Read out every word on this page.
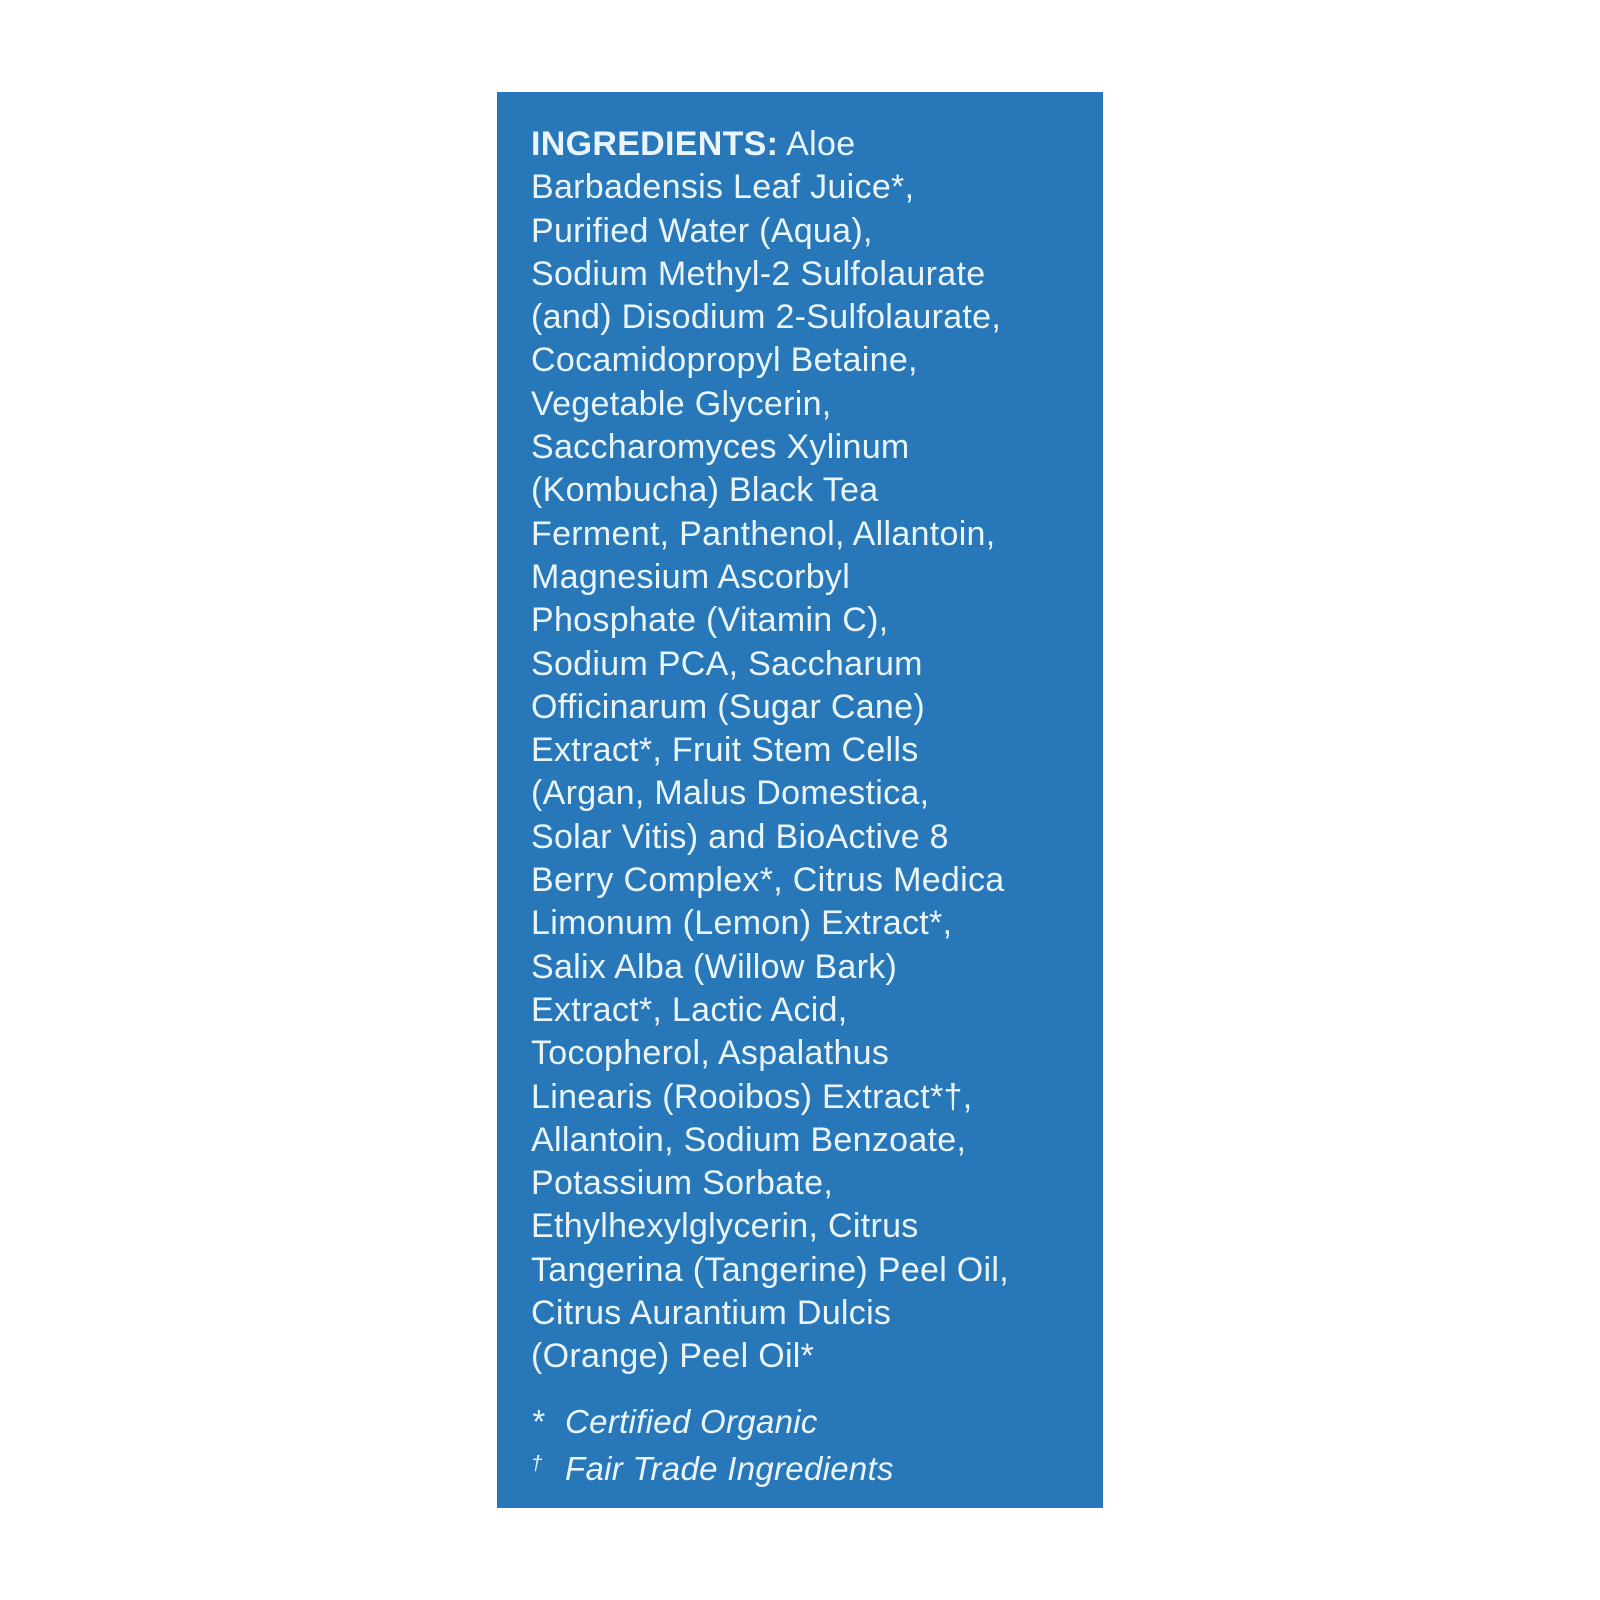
INGREDIENTS: Aloe
Barbadensis Leaf Juice*,
Purified Water (Aqua),
Sodium Methyl-2 Sulfolaurate
(and) Disodium 2-Sulfolaurate,
Cocamidopropyl Betaine,
Vegetable Glycerin,
Saccharomyces Xylinum
(Kombucha) Black Tea
Ferment, Panthenol, Allantoin,
Magnesium Ascorbyl
Phosphate (Vitamin C),
Sodium PCA, Saccharum
Officinarum (Sugar Cane)
Extract*, Fruit Stem Cells
(Argan, Malus Domestica,
Solar Vitis) and BioActive 8
Berry Complex*, Citrus Medica
Limonum (Lemon) Extract*,
Salix Alba (Willow Bark)
Extract*, Lactic Acid,
Tocopherol, Aspalathus
Linearis (Rooibos) Extract*†,
Allantoin, Sodium Benzoate,
Potassium Sorbate,
Ethylhexylglycerin, Citrus
Tangerina (Tangerine) Peel Oil,
Citrus Aurantium Dulcis
(Orange) Peel Oil*
* Certified Organic
† Fair Trade Ingredients
